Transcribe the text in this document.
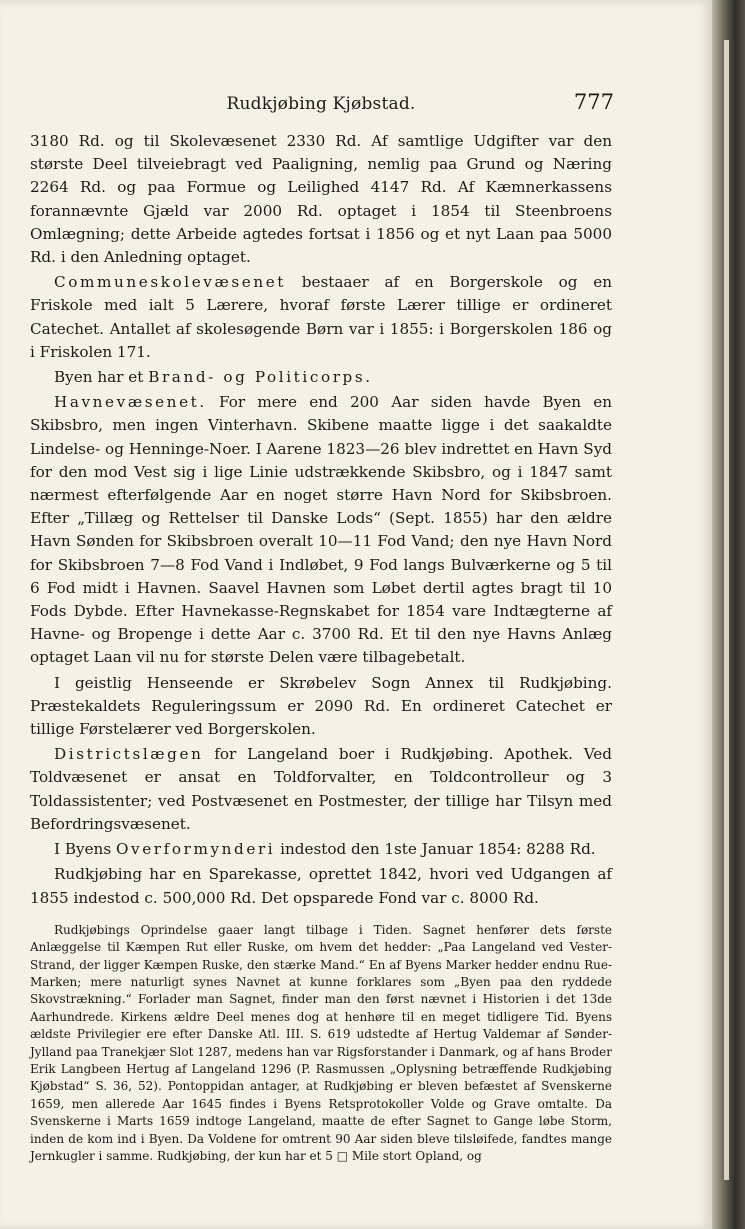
Rudkjøbing Kjøbstad.	777

3180 Rd. og til Skolevæsenet 2330 Rd. Af samtlige Udgifter var den største Deel tilveiebragt ved Paaligning, nemlig paa Grund og Næring 2264 Rd. og paa Formue og Leilighed 4147 Rd. Af Kæmnerkassens forannævnte Gjæld var 2000 Rd. optaget i 1854 til Steenbroens Omlægning; dette Arbeide agtedes fortsat i 1856 og et nyt Laan paa 5000 Rd. i den Anledning optaget.

Communeskolevæsenet bestaaer af en Borgerskole og en Friskole med ialt 5 Lærere, hvoraf første Lærer tillige er ordineret Catechet. Antallet af skolesøgende Børn var i 1855: i Borgerskolen 186 og i Friskolen 171.

Byen har et Brand- og Politicorps.

Havnevæsenet. For mere end 200 Aar siden havde Byen en Skibsbro, men ingen Vinterhavn. Skibene maatte ligge i det saakaldte Lindelse- og Henninge-Noer. I Aarene 1823—26 blev indrettet en Havn Syd for den mod Vest sig i lige Linie udstrækkende Skibsbro, og i 1847 samt nærmest efterfølgende Aar en noget større Havn Nord for Skibsbroen. Efter „Tillæg og Rettelser til Danske Lods“ (Sept. 1855) har den ældre Havn Sønden for Skibsbroen overalt 10—11 Fod Vand; den nye Havn Nord for Skibsbroen 7—8 Fod Vand i Indløbet, 9 Fod langs Bulværkerne og 5 til 6 Fod midt i Havnen. Saavel Havnen som Løbet dertil agtes bragt til 10 Fods Dybde. Efter Havnekasse-Regnskabet for 1854 vare Indtægterne af Havne- og Bropenge i dette Aar c. 3700 Rd. Et til den nye Havns Anlæg optaget Laan vil nu for største Delen være tilbagebetalt.

I geistlig Henseende er Skrøbelev Sogn Annex til Rudkjøbing. Præstekaldets Reguleringssum er 2090 Rd. En ordineret Catechet er tillige Førstelærer ved Borgerskolen.

Districtslægen for Langeland boer i Rudkjøbing. Apothek. Ved Toldvæsenet er ansat en Toldforvalter, en Toldcontrolleur og 3 Toldassistenter; ved Postvæsenet en Postmester, der tillige har Tilsyn med Befordringsvæsenet.

I Byens Overformynderi indestod den 1ste Januar 1854: 8288 Rd.

Rudkjøbing har en Sparekasse, oprettet 1842, hvori ved Udgangen af 1855 indestod c. 500,000 Rd. Det opsparede Fond var c. 8000 Rd.

Rudkjøbings Oprindelse gaaer langt tilbage i Tiden. Sagnet henfører dets første Anlæggelse til Kæmpen Rut eller Ruske, om hvem det hedder: „Paa Langeland ved Vester-Strand, der ligger Kæmpen Ruske, den stærke Mand.“ En af Byens Marker hedder endnu Rue-Marken; mere naturligt synes Navnet at kunne forklares som „Byen paa den ryddede Skovstrækning.“ Forlader man Sagnet, finder man den først nævnet i Historien i det 13de Aarhundrede. Kirkens ældre Deel menes dog at henhøre til en meget tidligere Tid. Byens ældste Privilegier ere efter Danske Atl. III. S. 619 udstedte af Hertug Valdemar af Sønder-Jylland paa Tranekjær Slot 1287, medens han var Rigsforstander i Danmark, og af hans Broder Erik Langbeen Hertug af Langeland 1296 (P. Rasmussen „Oplysning betræffende Rudkjøbing Kjøbstad“ S. 36, 52). Pontoppidan antager, at Rudkjøbing er bleven befæstet af Svenskerne 1659, men allerede Aar 1645 findes i Byens Retsprotokoller Volde og Grave omtalte. Da Svenskerne i Marts 1659 indtoge Langeland, maatte de efter Sagnet to Gange løbe Storm, inden de kom ind i Byen. Da Voldene for omtrent 90 Aar siden bleve tilsløifede, fandtes mange Jernkugler i samme. Rudkjøbing, der kun har et 5 □ Mile stort Opland, og
